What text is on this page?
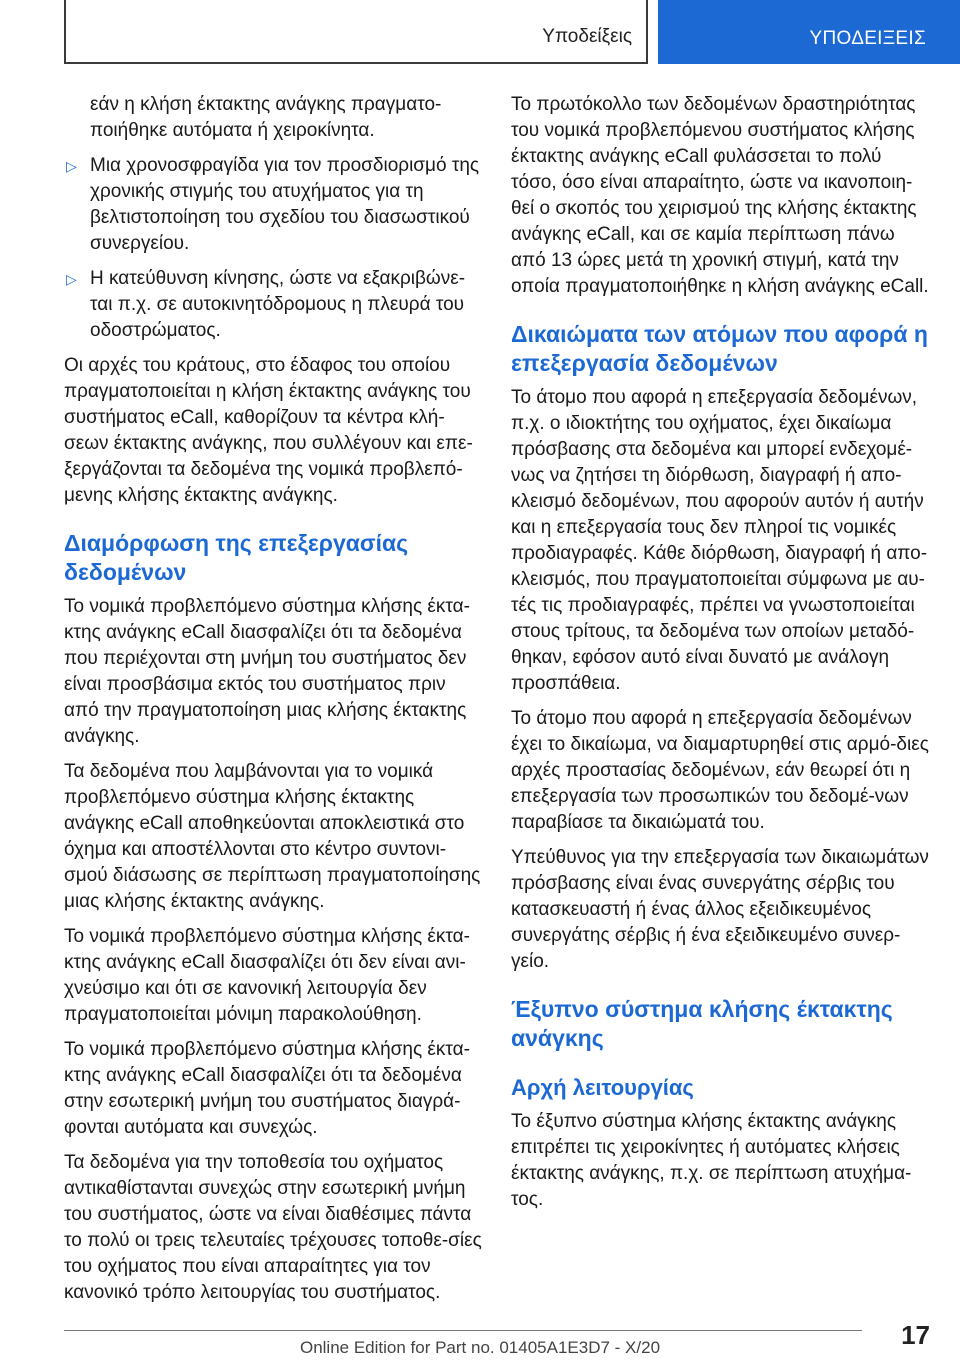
Υποδείξεις	ΥΠΟΔΕΙΞΕΙΣ

εάν η κλήση έκτακτης ανάγκης πραγματο‐ποιήθηκε αυτόματα ή χειροκίνητα.

▷ Μια χρονοσφραγίδα για τον προσδιορισμό της χρονικής στιγμής του ατυχήματος για τη βελτιστοποίηση του σχεδίου του διασωστικού συνεργείου.
▷ Η κατεύθυνση κίνησης, ώστε να εξακριβώνε‐ται π.χ. σε αυτοκινητόδρομους η πλευρά του οδοστρώματος.

Οι αρχές του κράτους, στο έδαφος του οποίου πραγματοποιείται η κλήση έκτακτης ανάγκης του συστήματος eCall, καθορίζουν τα κέντρα κλή‐σεων έκτακτης ανάγκης, που συλλέγουν και επε‐ξεργάζονται τα δεδομένα της νομικά προβλεπό‐μενης κλήσης έκτακτης ανάγκης.

Διαμόρφωση της επεξεργασίας δεδομένων

Το νομικά προβλεπόμενο σύστημα κλήσης έκτα‐κτης ανάγκης eCall διασφαλίζει ότι τα δεδομένα που περιέχονται στη μνήμη του συστήματος δεν είναι προσβάσιμα εκτός του συστήματος πριν από την πραγματοποίηση μιας κλήσης έκτακτης ανάγκης.

Τα δεδομένα που λαμβάνονται για το νομικά προβλεπόμενο σύστημα κλήσης έκτακτης ανάγκης eCall αποθηκεύονται αποκλειστικά στο όχημα και αποστέλλονται στο κέντρο συντονι‐σμού διάσωσης σε περίπτωση πραγματοποίησης μιας κλήσης έκτακτης ανάγκης.

Το νομικά προβλεπόμενο σύστημα κλήσης έκτα‐κτης ανάγκης eCall διασφαλίζει ότι δεν είναι ανι‐χνεύσιμο και ότι σε κανονική λειτουργία δεν πραγματοποιείται μόνιμη παρακολούθηση.

Το νομικά προβλεπόμενο σύστημα κλήσης έκτα‐κτης ανάγκης eCall διασφαλίζει ότι τα δεδομένα στην εσωτερική μνήμη του συστήματος διαγρά‐φονται αυτόματα και συνεχώς.

Τα δεδομένα για την τοποθεσία του οχήματος αντικαθίστανται συνεχώς στην εσωτερική μνήμη του συστήματος, ώστε να είναι διαθέσιμες πάντα το πολύ οι τρεις τελευταίες τρέχουσες τοποθε‐σίες του οχήματος που είναι απαραίτητες για τον κανονικό τρόπο λειτουργίας του συστήματος.

Το πρωτόκολλο των δεδομένων δραστηριότητας του νομικά προβλεπόμενου συστήματος κλήσης έκτακτης ανάγκης eCall φυλάσσεται το πολύ τόσο, όσο είναι απαραίτητο, ώστε να ικανοποιη‐θεί ο σκοπός του χειρισμού της κλήσης έκτακτης ανάγκης eCall, και σε καμία περίπτωση πάνω από 13 ώρες μετά τη χρονική στιγμή, κατά την οποία πραγματοποιήθηκε η κλήση ανάγκης eCall.

Δικαιώματα των ατόμων που αφορά η επεξεργασία δεδομένων

Το άτομο που αφορά η επεξεργασία δεδομένων, π.χ. ο ιδιοκτήτης του οχήματος, έχει δικαίωμα πρόσβασης στα δεδομένα και μπορεί ενδεχομέ‐νως να ζητήσει τη διόρθωση, διαγραφή ή απο‐κλεισμό δεδομένων, που αφορούν αυτόν ή αυτήν και η επεξεργασία τους δεν πληροί τις νομικές προδιαγραφές. Κάθε διόρθωση, διαγραφή ή απο‐κλεισμός, που πραγματοποιείται σύμφωνα με αυ‐τές τις προδιαγραφές, πρέπει να γνωστοποιείται στους τρίτους, τα δεδομένα των οποίων μεταδό‐θηκαν, εφόσον αυτό είναι δυνατό με ανάλογη προσπάθεια.

Το άτομο που αφορά η επεξεργασία δεδομένων έχει το δικαίωμα, να διαμαρτυρηθεί στις αρμό‐διες αρχές προστασίας δεδομένων, εάν θεωρεί ότι η επεξεργασία των προσωπικών του δεδομέ‐νων παραβίασε τα δικαιώματά του.

Υπεύθυνος για την επεξεργασία των δικαιωμάτων πρόσβασης είναι ένας συνεργάτης σέρβις του κατασκευαστή ή ένας άλλος εξειδικευμένος συνεργάτης σέρβις ή ένα εξειδικευμένο συνερ‐γείο.

Έξυπνο σύστημα κλήσης έκτακτης ανάγκης
Αρχή λειτουργίας

Το έξυπνο σύστημα κλήσης έκτακτης ανάγκης επιτρέπει τις χειροκίνητες ή αυτόματες κλήσεις έκτακτης ανάγκης, π.χ. σε περίπτωση ατυχήμα‐τος.

17
Online Edition for Part no. 01405A1E3D7 - X/20
